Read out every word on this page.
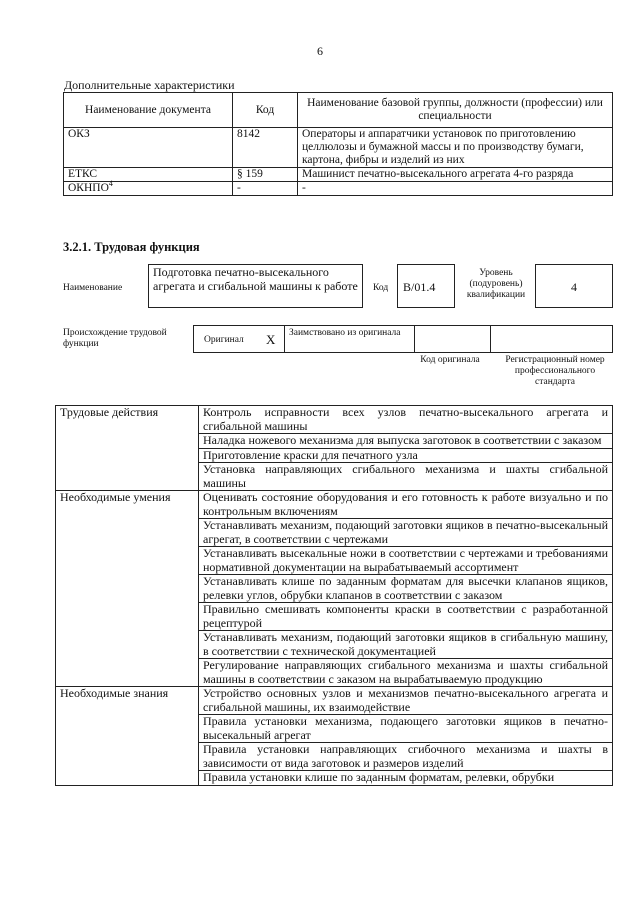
6
Дополнительные характеристики
Наименование документа	Код	Наименование базовой группы, должности (профессии) или специальности
ОКЗ	8142	Операторы и аппаратчики установок по приготовлению целлюлозы и бумажной массы и по производству бумаги, картона, фибры и изделий из них
ЕТКС	§ 159	Машинист печатно-высекального агрегата 4-го разряда
ОКНПО$^4$	-	-
3.2.1. Трудовая функция
Наименование
Подготовка печатно-высекального агрегата и сгибальной машины к работе	Код	B/01.4
Уровень (подуровень) квалификации
4
Происхождение трудовой функции	Оригинал X Заимствовано из оригинала
Код оригинала	Регистрационный номер профессионального стандарта
Трудовые действия	Контроль исправности всех узлов печатно-высекального агрегата и сгибальной машины
	Наладка ножевого механизма для выпуска заготовок в соответствии с заказом
	Приготовление краски для печатного узла
	Установка направляющих сгибального механизма и шахты сгибальной машины
Необходимые умения	Оценивать состояние оборудования и его готовность к работе визуально и по контрольным включениям
	Устанавливать механизм, подающий заготовки ящиков в печатно-высекальный агрегат, в соответствии с чертежами
	Устанавливать высекальные ножи в соответствии с чертежами и требованиями нормативной документации на вырабатываемый ассортимент
	Устанавливать клише по заданным форматам для высечки клапанов ящиков, релевки углов, обрубки клапанов в соответствии с заказом
	Правильно смешивать компоненты краски в соответствии с разработанной рецептурой
	Устанавливать механизм, подающий заготовки ящиков в сгибальную машину, в соответствии с технической документацией
	Регулирование направляющих сгибального механизма и шахты сгибальной машины в соответствии с заказом на вырабатываемую продукцию
Необходимые знания	Устройство основных узлов и механизмов печатно-высекального агрегата и сгибальной машины, их взаимодействие
	Правила установки механизма, подающего заготовки ящиков в печатно-высекальный агрегат
	Правила установки направляющих сгибочного механизма и шахты в зависимости от вида заготовок и размеров изделий
	Правила установки клише по заданным форматам, релевки, обрубки
